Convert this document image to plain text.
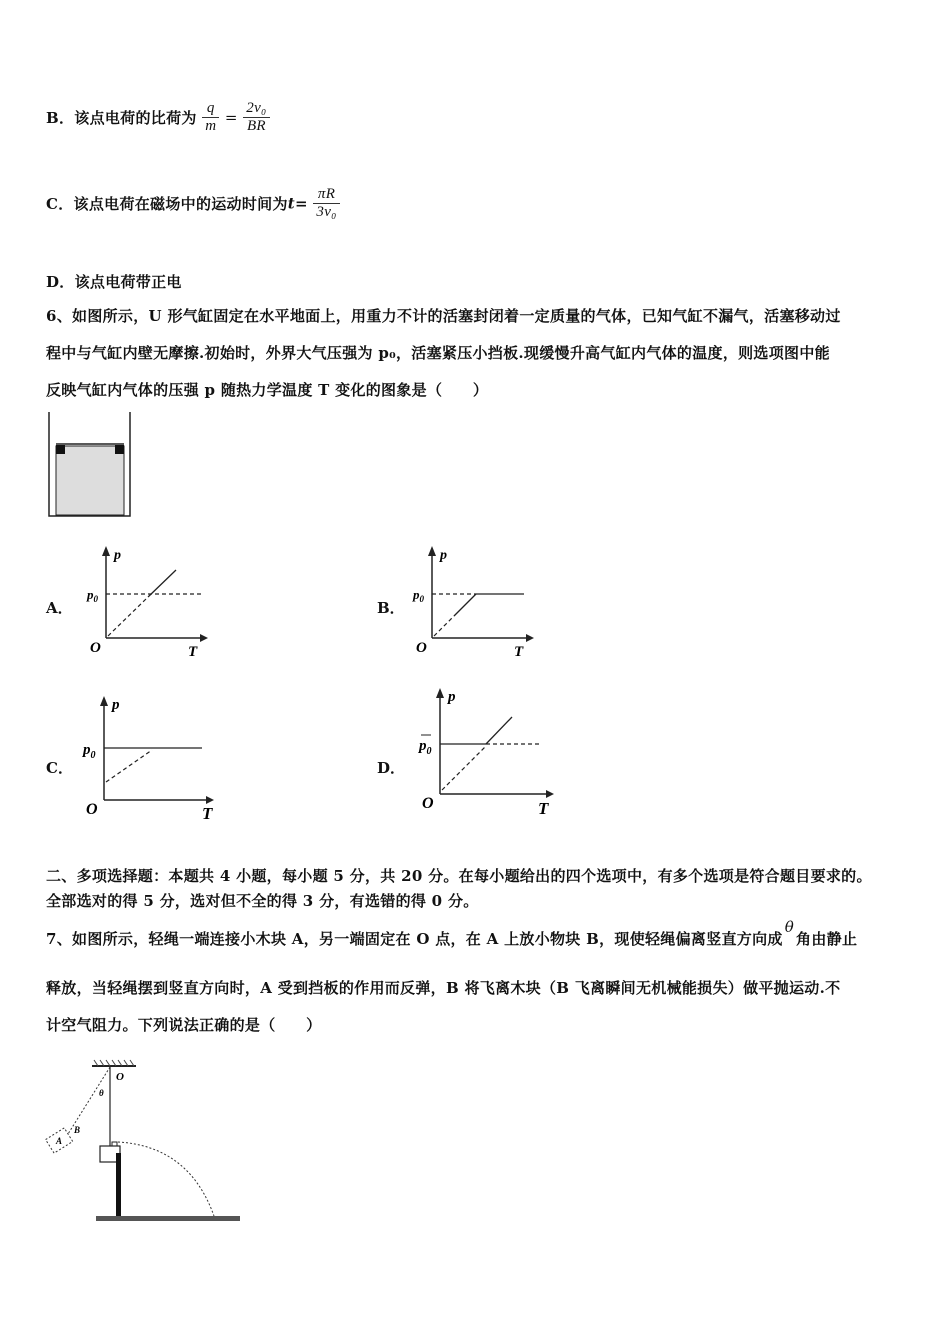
B．该点电荷的比荷为 $\frac{q}{m} = \frac{\text{2v₀}}{BR}$
C．该点电荷在磁场中的运动时间为$t= \frac{\pi R}{\text{3v₀}}$
D．该点电荷带正电
6、如图所示，U 形气缸固定在水平地面上，用重力不计的活塞封闭着一定质量的气体，已知气缸不漏气，活塞移动过
程中与气缸内壁无摩擦.初始时，外界大气压强为 p₀，活塞紧压小挡板.现缓慢升高气缸内气体的温度，则选项图中能
反映气缸内气体的压强 p 随热力学温度 T 变化的图象是（　　）
A．	B．
C．	D．
p
T
O
$p_0$
p
T
O
$p_0$
p
T
O
$p_0$
p
T
O
$p_0$
二、多项选择题：本题共 4 小题，每小题 5 分，共 20 分。在每小题给出的四个选项中，有多个选项是符合题目要求的。
全部选对的得 5 分，选对但不全的得 3 分，有选错的得 0 分。
7、如图所示，轻绳一端连接小木块 A，另一端固定在 O 点，在 A 上放小物块 B，现使轻绳偏离竖直方向成θ角由静止
释放，当轻绳摆到竖直方向时，A 受到挡板的作用而反弹，B 将飞离木块（B 飞离瞬间无机械能损失）做平抛运动.不
计空气阻力。下列说法正确的是（　　）
O
θ
A
B
